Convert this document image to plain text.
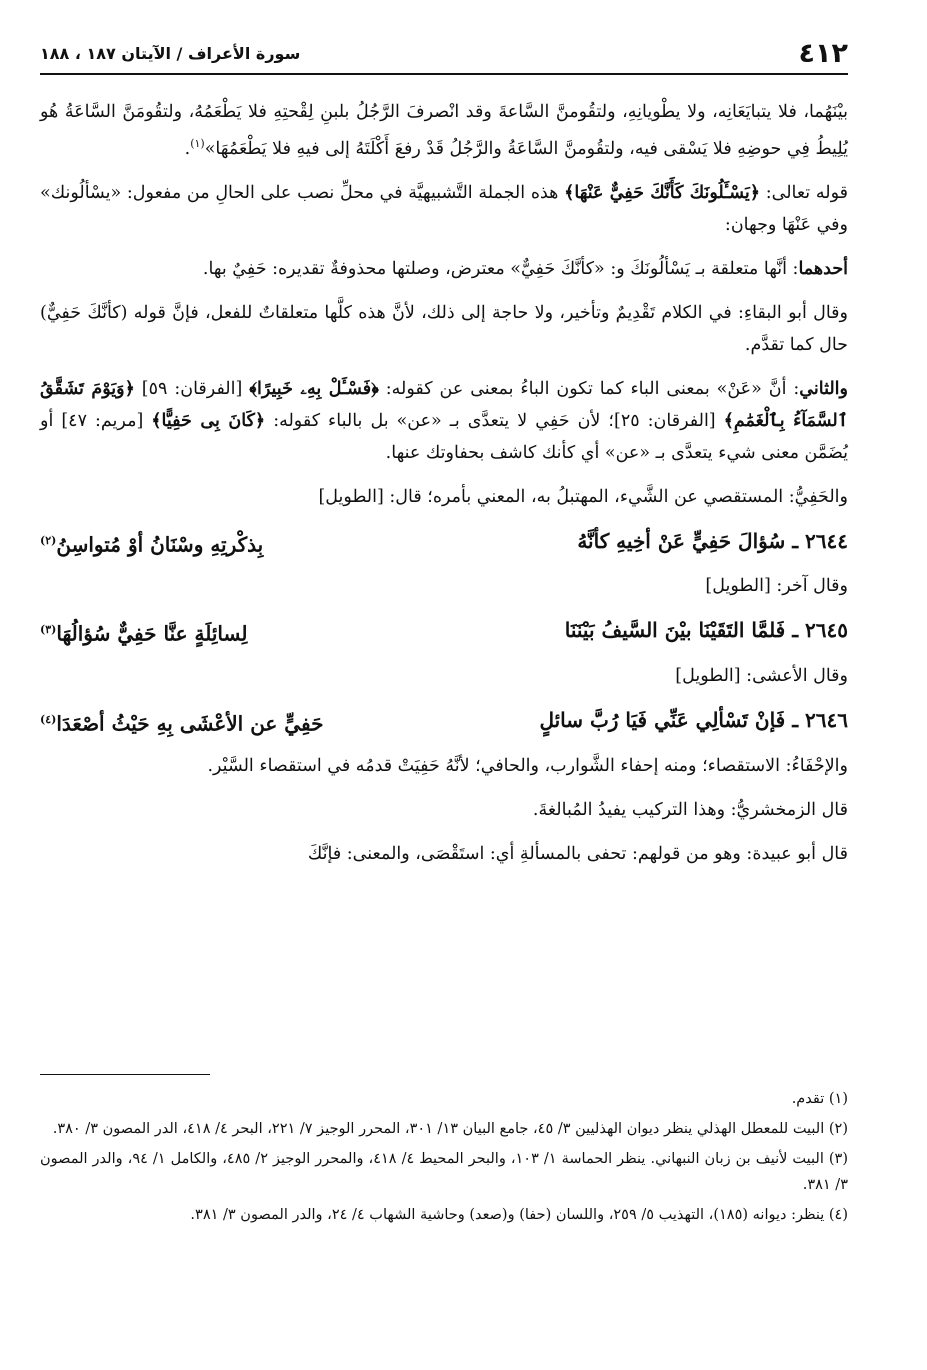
٤١٢
سورة الأعراف / الآيتان ١٨٧ ، ١٨٨

بيْنَهُما، فلا يتبايَعَانِه، ولا يطْويانِهِ، ولتقُومنَّ السَّاعةَ وقد انْصرفَ الرَّجُلُ بلبنِ لِقْحتِهِ فلا يَطْعَمُهُ، ولتقُومَنَّ السَّاعَةُ هُو يُلِيطُ فِي حوضِهِ فلا يَسْقى فيه، ولتقُومنَّ السَّاعَةُ والرَّجُلُ قَدْ رفعَ أَكْلَتَهُ إلى فيهِ فلا يَطْعَمُهَا»$^{(١)}$.

قوله تعالى: ﴿يَسْـَٔلُونَكَ كَأَنَّكَ حَفِيٌّ عَنْهَا﴾ هذه الجملة التَّشبيهيَّة في محلِّ نصب على الحالِ من مفعول: «يسْألُونك» وفي عَنْهَا وجهان:

أحدهما: أنَّها متعلقة بـ يَسْألُونَكَ و: «كأنَّكَ حَفِيٌّ» معترض، وصلتها محذوفةٌ تقديره: حَفِيٌ بها.

وقال أبو البقاءِ: في الكلام تَقْدِيمٌ وتأخير، ولا حاجة إلى ذلك، لأنَّ هذه كلَّها متعلقاتٌ للفعل، فإنَّ قوله (كأنَّكَ حَفِيٌّ) حال كما تقدَّم.

والثاني: أنَّ «عَنْ» بمعنى الباء كما تكون الباءُ بمعنى عن كقوله: ﴿فَسْـَٔلْ بِهِۦ خَبِيرًا﴾ [الفرقان: ٥٩] ﴿وَيَوْمَ تَشَقَّقُ ٱلسَّمَآءُ بِٱلْغَمَٰمِ﴾ [الفرقان: ٢٥]؛ لأن حَفِي لا يتعدَّى بـ «عن» بل بالباء كقوله: ﴿كَانَ بِى حَفِيًّا﴾ [مريم: ٤٧] أو يُضَمَّن معنى شيء يتعدَّى بـ «عن» أي كأنك كاشف بحفاوتك عنها.

والحَفِيُّ: المستقصي عن الشَّيء، المهتبلُ به، المعني بأمره؛ قال: [الطويل]

٢٦٤٤ ـ سُؤالَ حَفِيٍّ عَنْ أخِيهِ كأنَّهُ
بِذكْرتِهِ وسْنَانُ أوْ مُتواسِنُ$^{(٢)}$

وقال آخر: [الطويل]

٢٦٤٥ ـ فَلمَّا التَقَيْنَا بيْنَ السَّيفُ بَيْنَنَا
لِسائِلَةٍ عنَّا حَفِيٌّ سُؤالُهَا$^{(٣)}$

وقال الأعشى: [الطويل]

٢٦٤٦ ـ فَإنْ تَسْألِي عَنِّي فَيَا رُبَّ سائلٍ
حَفِيٍّ عن الأعْشَى بِهِ حَيْثُ أصْعَدَا$^{(٤)}$

والإحْفَاءُ: الاستقصاء؛ ومنه إحفاء الشَّوارب، والحافي؛ لأنَّهُ حَفِيَتْ قدمُه في استقصاء السَّيْر.

قال الزمخشريُّ: وهذا التركيب يفيدُ المُبالغةَ.

قال أبو عبيدة: وهو من قولهم: تحفى بالمسألةِ أي: استَقْصَى، والمعنى: فإنَّكَ

(١) تقدم.

(٢) البيت للمعطل الهذلي ينظر ديوان الهذليين ٣/ ٤٥، جامع البيان ١٣/ ٣٠١، المحرر الوجيز ٧/ ٢٢١، البحر ٤/ ٤١٨، الدر المصون ٣/ ٣٨٠.

(٣) البيت لأنيف بن زبان النبهاني. ينظر الحماسة ١/ ١٠٣، والبحر المحيط ٤/ ٤١٨، والمحرر الوجيز ٢/ ٤٨٥، والكامل ١/ ٩٤، والدر المصون ٣/ ٣٨١.

(٤) ينظر: ديوانه (١٨٥)، التهذيب ٥/ ٢٥٩، واللسان (حفا) و(صعد) وحاشية الشهاب ٤/ ٢٤، والدر المصون ٣/ ٣٨١.
